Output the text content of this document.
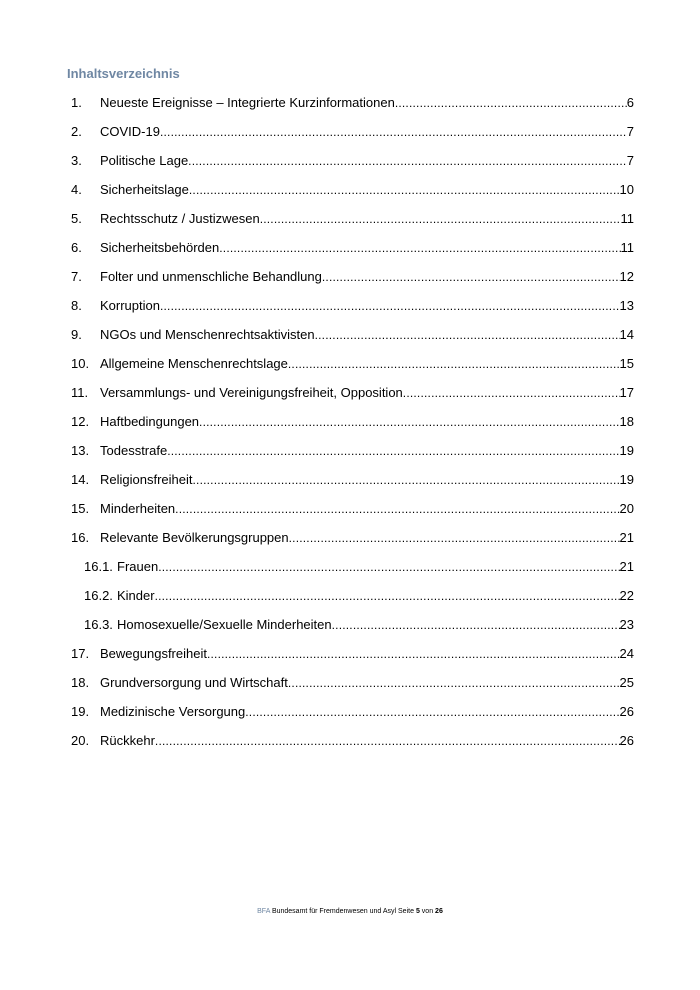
Inhaltsverzeichnis
1.	Neueste Ereignisse – Integrierte Kurzinformationen .....	6
2.	COVID-19 .....	7
3.	Politische Lage .....	7
4.	Sicherheitslage .....	10
5.	Rechtsschutz / Justizwesen .....	11
6.	Sicherheitsbehörden .....	11
7.	Folter und unmenschliche Behandlung .....	12
8.	Korruption .....	13
9.	NGOs und Menschenrechtsaktivisten .....	14
10. Allgemeine Menschenrechtslage .....	15
11. Versammlungs- und Vereinigungsfreiheit, Opposition .....	17
12. Haftbedingungen .....	18
13. Todesstrafe .....	19
14. Religionsfreiheit .....	19
15. Minderheiten .....	20
16. Relevante Bevölkerungsgruppen .....	21
16.1. Frauen .....	21
16.2. Kinder .....	22
16.3. Homosexuelle/Sexuelle Minderheiten .....	23
17. Bewegungsfreiheit .....	24
18. Grundversorgung und Wirtschaft .....	25
19. Medizinische Versorgung .....	26
20. Rückkehr .....	26
BFA Bundesamt für Fremdenwesen und Asyl Seite 5 von 26
